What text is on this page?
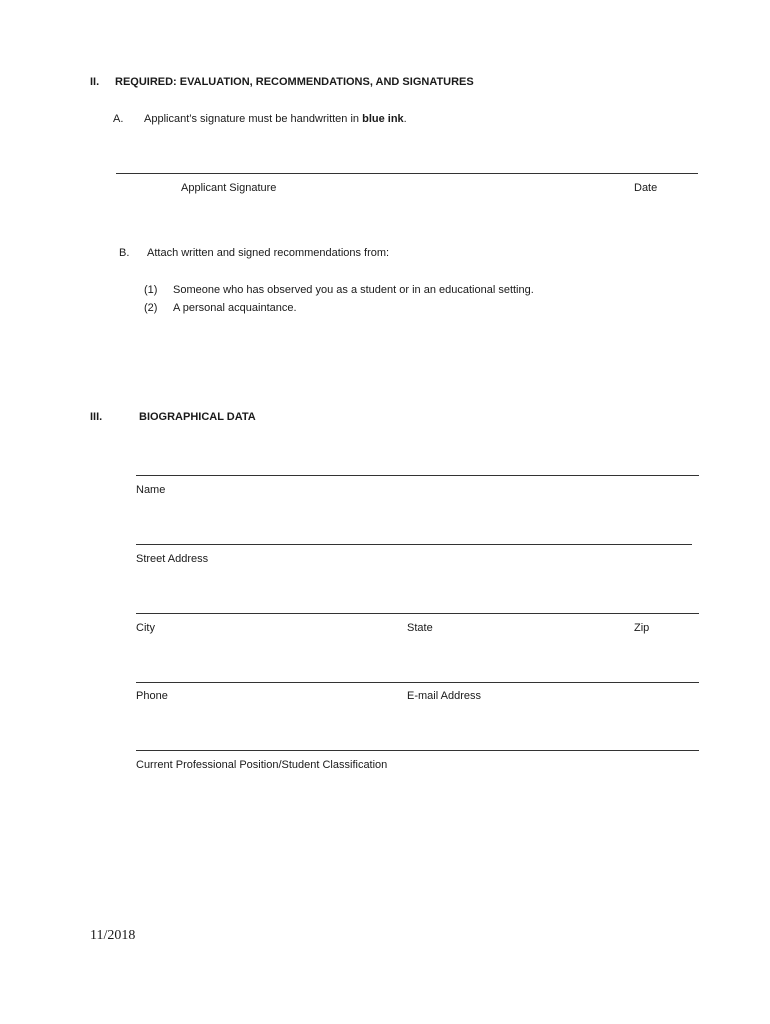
II. REQUIRED: EVALUATION, RECOMMENDATIONS, AND SIGNATURES
A. Applicant’s signature must be handwritten in blue ink.
Applicant Signature	Date
B. Attach written and signed recommendations from:
(1) Someone who has observed you as a student or in an educational setting.
(2) A personal acquaintance.
III.	BIOGRAPHICAL DATA
Name
Street Address
City	State	Zip
Phone	E-mail Address
Current Professional Position/Student Classification
11/2018
